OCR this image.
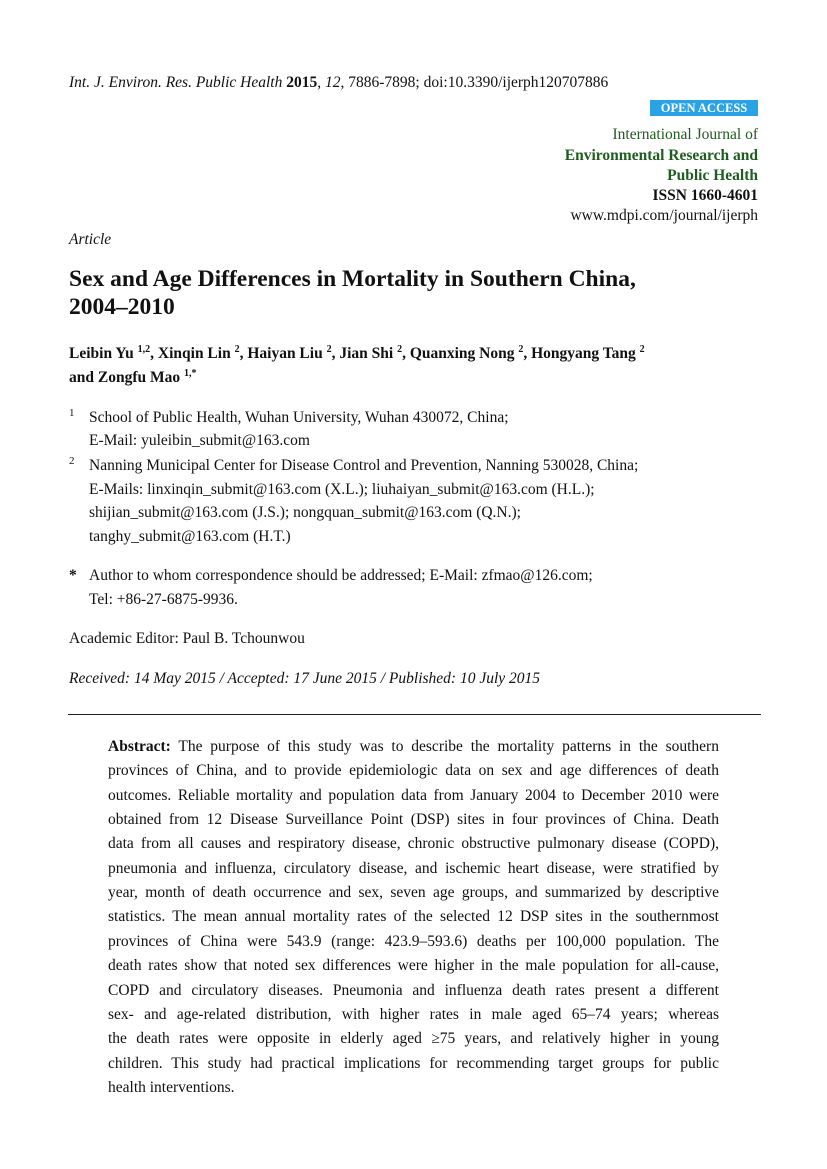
Int. J. Environ. Res. Public Health 2015, 12, 7886-7898; doi:10.3390/ijerph120707886
OPEN ACCESS
International Journal of
Environmental Research and
Public Health
ISSN 1660-4601
www.mdpi.com/journal/ijerph
Article
Sex and Age Differences in Mortality in Southern China,
2004–2010
Leibin Yu $^{1,2}$, Xinqin Lin $^2$, Haiyan Liu $^2$, Jian Shi $^2$, Quanxing Nong $^2$, Hongyang Tang $^2$
and Zongfu Mao $^{1,*}$
1 School of Public Health, Wuhan University, Wuhan 430072, China;
E-Mail: yuleibin_submit@163.com
2 Nanning Municipal Center for Disease Control and Prevention, Nanning 530028, China;
E-Mails: linxinqin_submit@163.com (X.L.); liuhaiyan_submit@163.com (H.L.);
shijian_submit@163.com (J.S.); nongquan_submit@163.com (Q.N.);
tanghy_submit@163.com (H.T.)
* Author to whom correspondence should be addressed; E-Mail: zfmao@126.com;
Tel: +86-27-6875-9936.
Academic Editor: Paul B. Tchounwou
Received: 14 May 2015 / Accepted: 17 June 2015 / Published: 10 July 2015
Abstract: The purpose of this study was to describe the mortality patterns in the southern
provinces of China, and to provide epidemiologic data on sex and age differences of death
outcomes. Reliable mortality and population data from January 2004 to December 2010 were
obtained from 12 Disease Surveillance Point (DSP) sites in four provinces of China. Death
data from all causes and respiratory disease, chronic obstructive pulmonary disease (COPD),
pneumonia and influenza, circulatory disease, and ischemic heart disease, were stratified by
year, month of death occurrence and sex, seven age groups, and summarized by descriptive
statistics. The mean annual mortality rates of the selected 12 DSP sites in the southernmost
provinces of China were 543.9 (range: 423.9–593.6) deaths per 100,000 population. The
death rates show that noted sex differences were higher in the male population for all-cause,
COPD and circulatory diseases. Pneumonia and influenza death rates present a different
sex- and age-related distribution, with higher rates in male aged 65–74 years; whereas
the death rates were opposite in elderly aged ≥75 years, and relatively higher in young
children. This study had practical implications for recommending target groups for public
health interventions.
